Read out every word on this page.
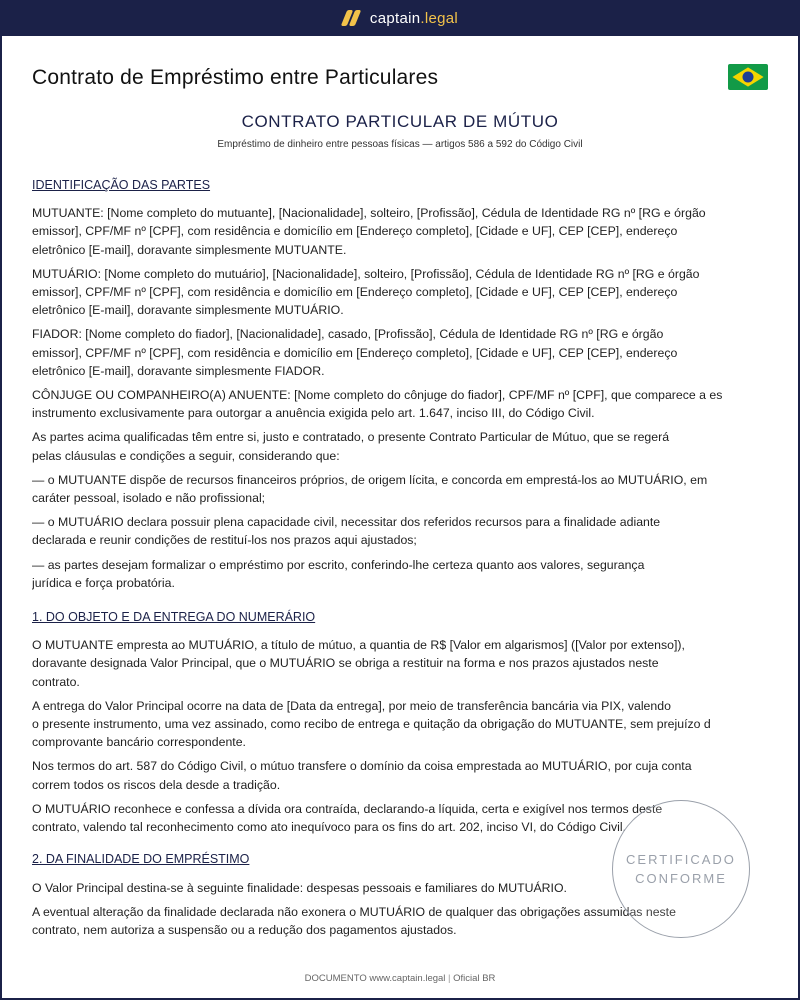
captain.legal
Contrato de Empréstimo entre Particulares
CONTRATO PARTICULAR DE MÚTUO
Empréstimo de dinheiro entre pessoas físicas — artigos 586 a 592 do Código Civil
IDENTIFICAÇÃO DAS PARTES
MUTUANTE: [Nome completo do mutuante], [Nacionalidade], solteiro, [Profissão], Cédula de Identidade RG nº [RG e órgão
emissor], CPF/MF nº [CPF], com residência e domicílio em [Endereço completo], [Cidade e UF], CEP [CEP], endereço
eletrônico [E-mail], doravante simplesmente MUTUANTE.
MUTUÁRIO: [Nome completo do mutuário], [Nacionalidade], solteiro, [Profissão], Cédula de Identidade RG nº [RG e órgão
emissor], CPF/MF nº [CPF], com residência e domicílio em [Endereço completo], [Cidade e UF], CEP [CEP], endereço
eletrônico [E-mail], doravante simplesmente MUTUÁRIO.
FIADOR: [Nome completo do fiador], [Nacionalidade], casado, [Profissão], Cédula de Identidade RG nº [RG e órgão
emissor], CPF/MF nº [CPF], com residência e domicílio em [Endereço completo], [Cidade e UF], CEP [CEP], endereço
eletrônico [E-mail], doravante simplesmente FIADOR.
CÔNJUGE OU COMPANHEIRO(A) ANUENTE: [Nome completo do cônjuge do fiador], CPF/MF nº [CPF], que comparece a es
instrumento exclusivamente para outorgar a anuência exigida pelo art. 1.647, inciso III, do Código Civil.
As partes acima qualificadas têm entre si, justo e contratado, o presente Contrato Particular de Mútuo, que se regerá
pelas cláusulas e condições a seguir, considerando que:
— o MUTUANTE dispõe de recursos financeiros próprios, de origem lícita, e concorda em emprestá-los ao MUTUÁRIO, em
caráter pessoal, isolado e não profissional;
— o MUTUÁRIO declara possuir plena capacidade civil, necessitar dos referidos recursos para a finalidade adiante
declarada e reunir condições de restituí-los nos prazos aqui ajustados;
— as partes desejam formalizar o empréstimo por escrito, conferindo-lhe certeza quanto aos valores, segurança
jurídica e força probatória.
1. DO OBJETO E DA ENTREGA DO NUMERÁRIO
O MUTUANTE empresta ao MUTUÁRIO, a título de mútuo, a quantia de R$ [Valor em algarismos] ([Valor por extenso]),
doravante designada Valor Principal, que o MUTUÁRIO se obriga a restituir na forma e nos prazos ajustados neste
contrato.
A entrega do Valor Principal ocorre na data de [Data da entrega], por meio de transferência bancária via PIX, valendo
o presente instrumento, uma vez assinado, como recibo de entrega e quitação da obrigação do MUTUANTE, sem prejuízo d
comprovante bancário correspondente.
Nos termos do art. 587 do Código Civil, o mútuo transfere o domínio da coisa emprestada ao MUTUÁRIO, por cuja conta
correm todos os riscos dela desde a tradição.
O MUTUÁRIO reconhece e confessa a dívida ora contraída, declarando-a líquida, certa e exigível nos termos deste
contrato, valendo tal reconhecimento como ato inequívoco para os fins do art. 202, inciso VI, do Código Civil.
2. DA FINALIDADE DO EMPRÉSTIMO
O Valor Principal destina-se à seguinte finalidade: despesas pessoais e familiares do MUTUÁRIO.
A eventual alteração da finalidade declarada não exonera o MUTUÁRIO de qualquer das obrigações assumidas neste
contrato, nem autoriza a suspensão ou a redução dos pagamentos ajustados.
CERTIFICADO
CONFORME
DOCUMENTO www.captain.legal | Oficial BR
